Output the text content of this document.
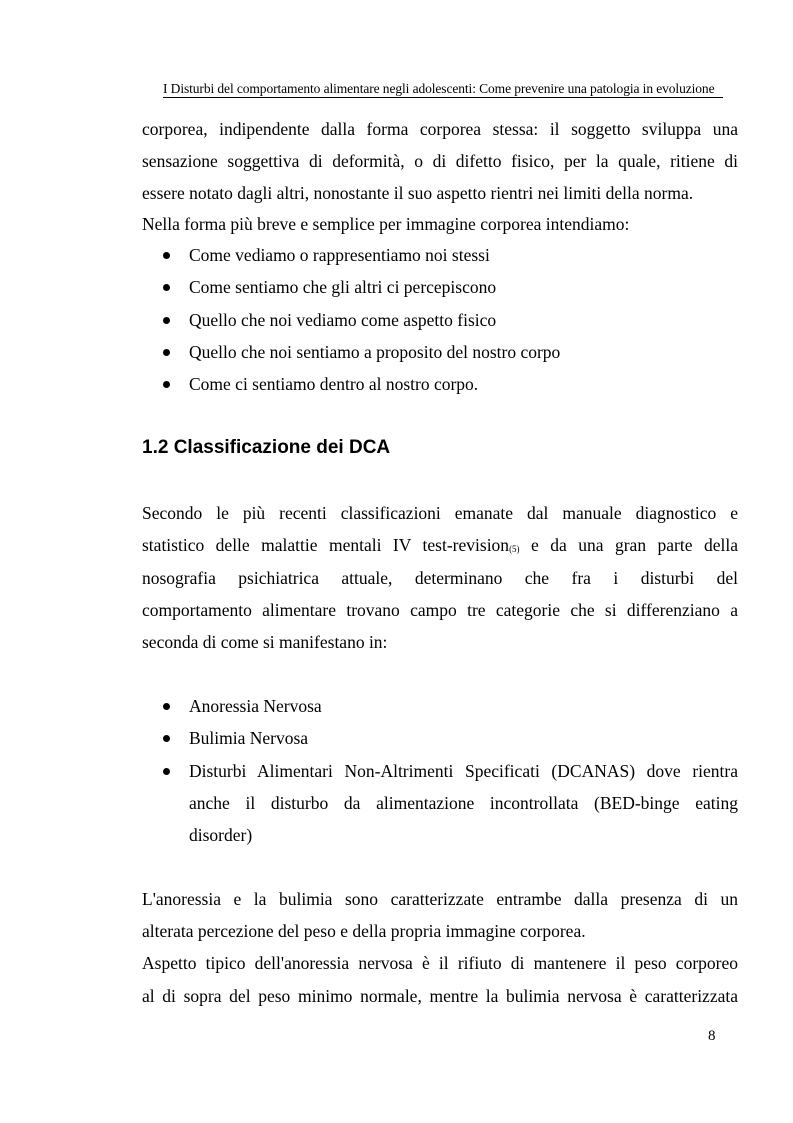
I Disturbi del comportamento alimentare negli adolescenti: Come prevenire una patologia in evoluzione
corporea, indipendente dalla forma corporea stessa: il soggetto sviluppa una
sensazione soggettiva di deformità, o di difetto fisico, per la quale, ritiene di
essere notato dagli altri, nonostante il suo aspetto rientri nei limiti della norma.
Nella forma più breve e semplice per immagine corporea intendiamo:
Come vediamo o rappresentiamo noi stessi
Come sentiamo che gli altri ci percepiscono
Quello che noi vediamo come aspetto fisico
Quello che noi sentiamo a proposito del nostro corpo
Come ci sentiamo dentro al nostro corpo.
1.2 Classificazione dei DCA
Secondo le più recenti classificazioni emanate dal manuale diagnostico e
statistico delle malattie mentali IV test-revision(5) e da una gran parte della
nosografia psichiatrica attuale, determinano che fra i disturbi del
comportamento alimentare trovano campo tre categorie che si differenziano a
seconda di come si manifestano in:
Anoressia Nervosa
Bulimia Nervosa
Disturbi Alimentari Non-Altrimenti Specificati (DCANAS) dove rientra
anche il disturbo da alimentazione incontrollata (BED-binge eating
disorder)
L'anoressia e la bulimia sono caratterizzate entrambe dalla presenza di un
alterata percezione del peso e della propria immagine corporea.
Aspetto tipico dell'anoressia nervosa è il rifiuto di mantenere il peso corporeo
al di sopra del peso minimo normale, mentre la bulimia nervosa è caratterizzata
8
